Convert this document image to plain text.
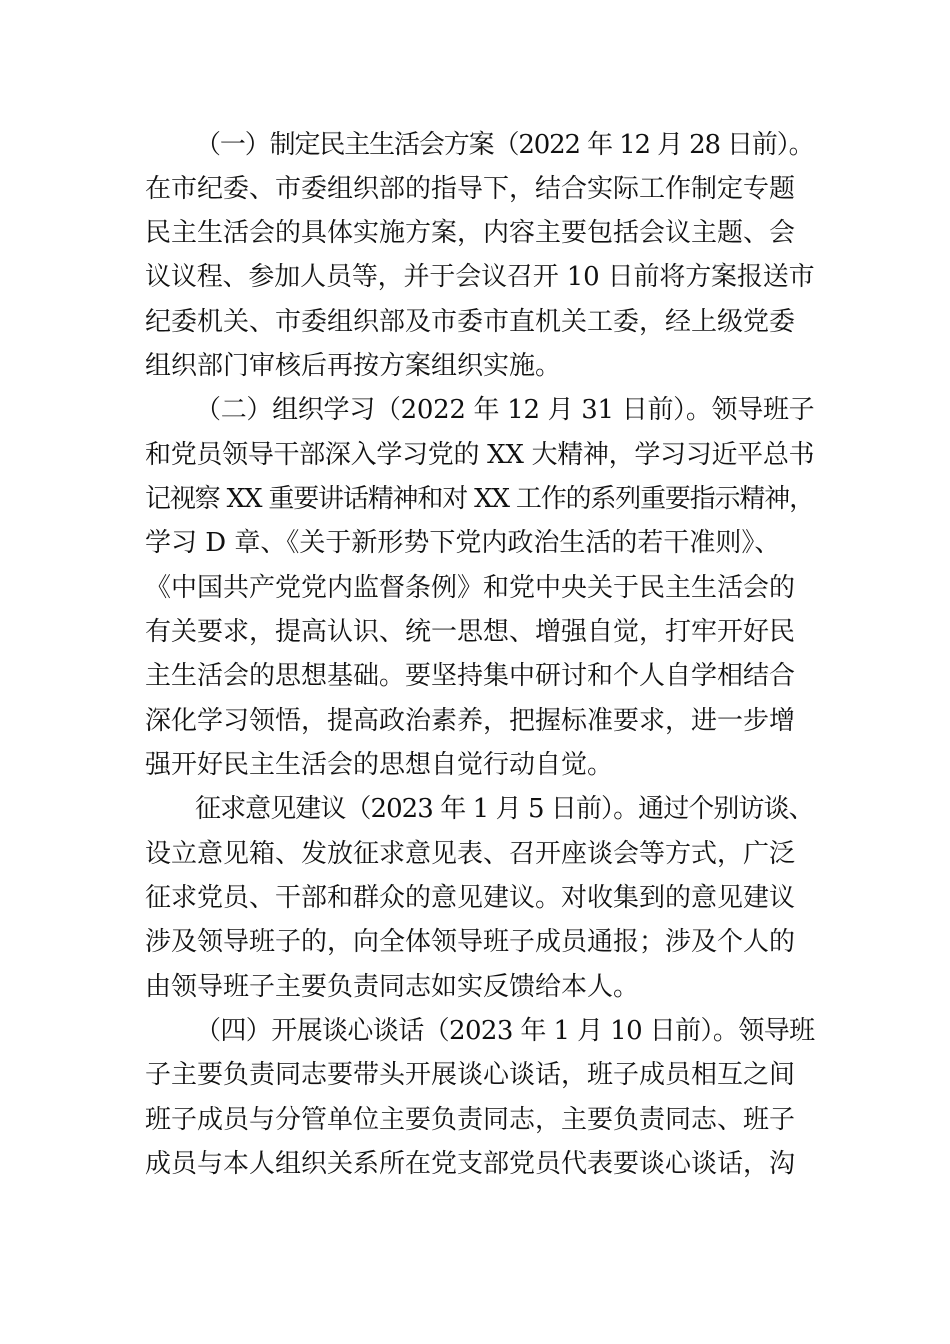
（一）制定民主生活会方案（2022 年 12 月 28 日前）。
在市纪委、市委组织部的指导下，结合实际工作制定专题
民主生活会的具体实施方案，内容主要包括会议主题、会
议议程、参加人员等，并于会议召开 10 日前将方案报送市
纪委机关、市委组织部及市委市直机关工委，经上级党委
组织部门审核后再按方案组织实施。
（二）组织学习（2022 年 12 月 31 日前）。领导班子
和党员领导干部深入学习党的 XX 大精神，学习习近平总书
记视察 XX 重要讲话精神和对 XX 工作的系列重要指示精神，
学习 D 章、《关于新形势下党内政治生活的若干准则》、
《中国共产党党内监督条例》和党中央关于民主生活会的
有关要求，提高认识、统一思想、增强自觉，打牢开好民
主生活会的思想基础。要坚持集中研讨和个人自学相结合
深化学习领悟，提高政治素养，把握标准要求，进一步增
强开好民主生活会的思想自觉行动自觉。
征求意见建议（2023 年 1 月 5 日前）。通过个别访谈、
设立意见箱、发放征求意见表、召开座谈会等方式，广泛
征求党员、干部和群众的意见建议。对收集到的意见建议
涉及领导班子的，向全体领导班子成员通报；涉及个人的
由领导班子主要负责同志如实反馈给本人。
（四）开展谈心谈话（2023 年 1 月 10 日前）。领导班
子主要负责同志要带头开展谈心谈话，班子成员相互之间
班子成员与分管单位主要负责同志，主要负责同志、班子
成员与本人组织关系所在党支部党员代表要谈心谈话，沟
